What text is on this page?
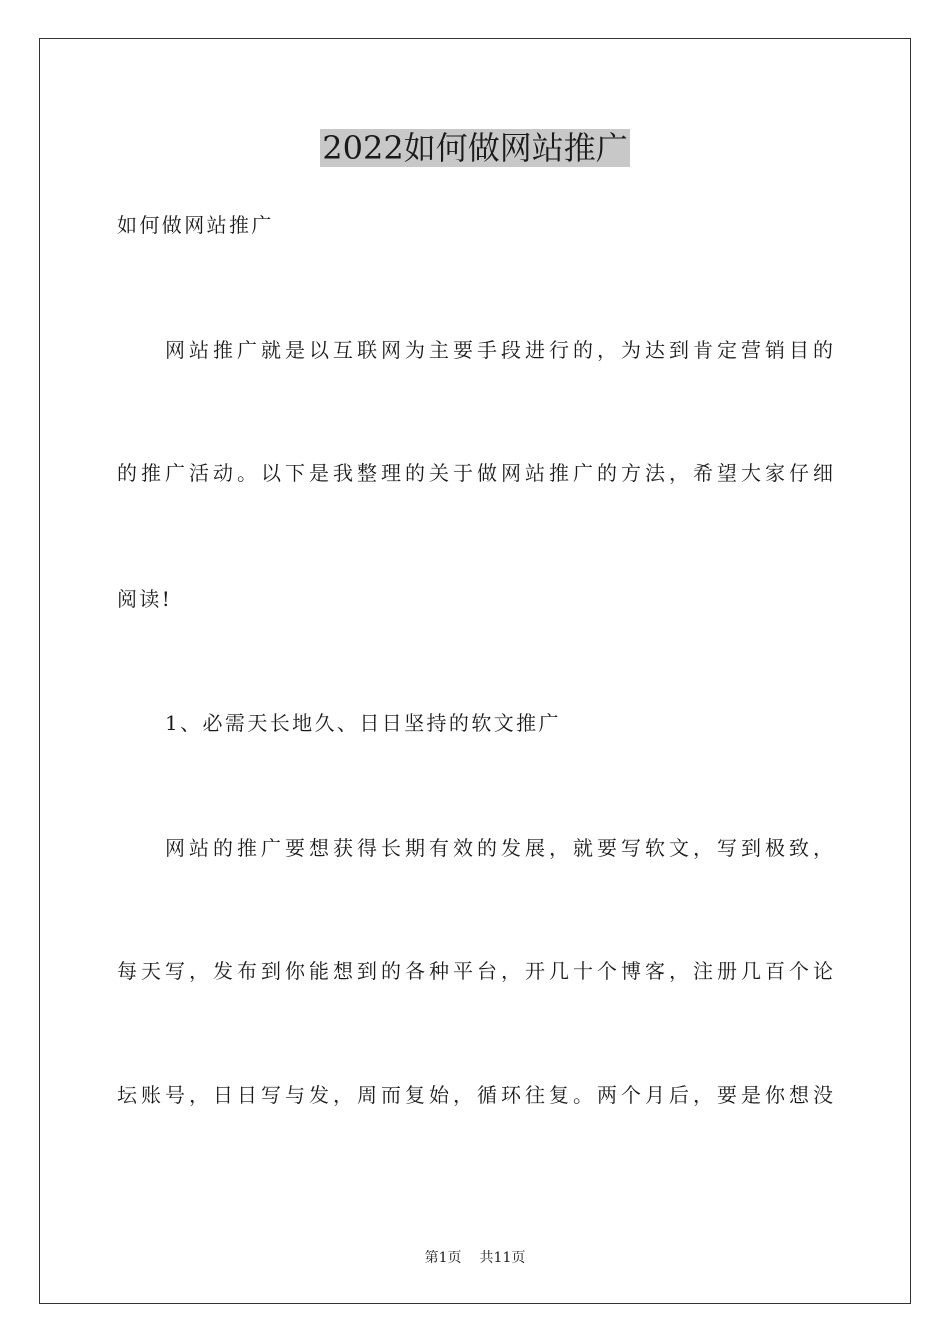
2022如何做网站推广
如何做网站推广
网站推广就是以互联网为主要手段进行的，为达到肯定营销目的
的推广活动。以下是我整理的关于做网站推广的方法，希望大家仔细
阅读!
1、必需天长地久、日日坚持的软文推广
网站的推广要想获得长期有效的发展，就要写软文，写到极致，
每天写，发布到你能想到的各种平台，开几十个博客，注册几百个论
坛账号，日日写与发，周而复始，循环往复。两个月后，要是你想没
第1页 共11页
